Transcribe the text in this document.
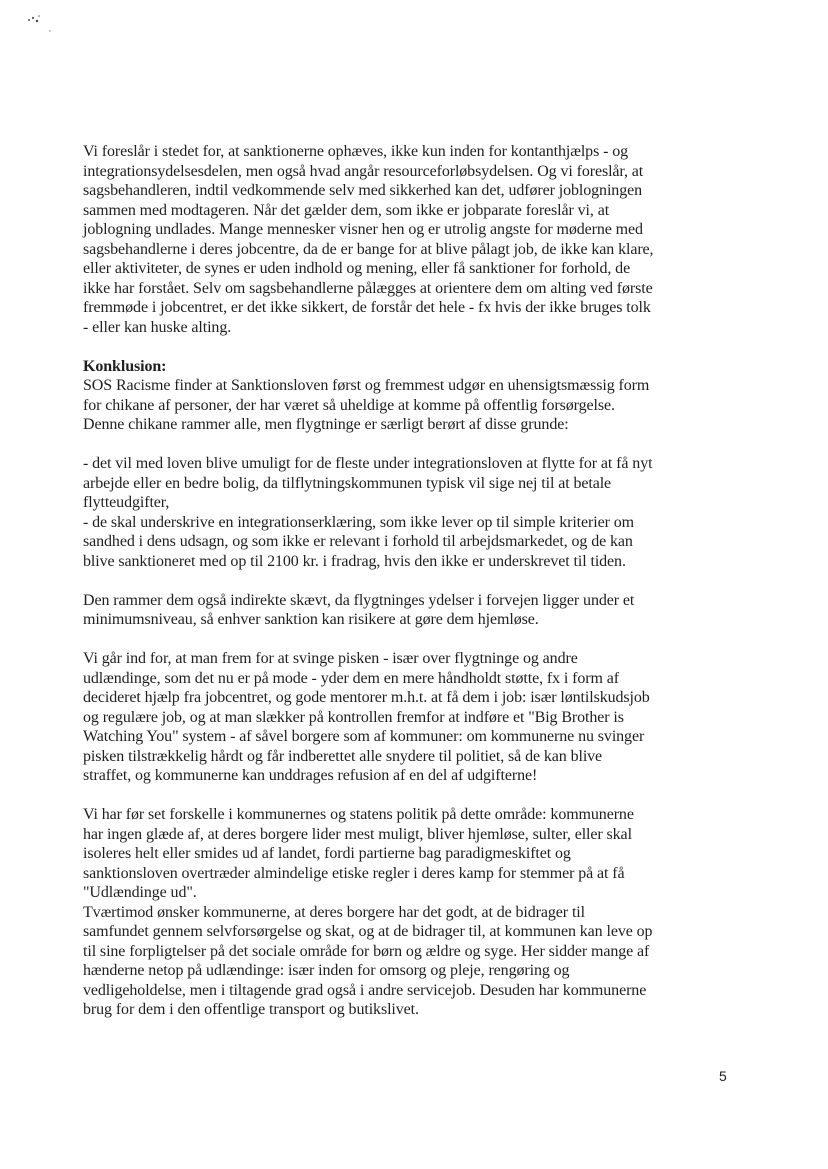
Vi foreslår i stedet for, at sanktionerne ophæves, ikke kun inden for kontanthjælps - og
integrationsydelsesdelen, men også hvad angår resourceforløbsydelsen. Og vi foreslår, at
sagsbehandleren, indtil vedkommende selv med sikkerhed kan det, udfører joblogningen
sammen med modtageren. Når det gælder dem, som ikke er jobparate foreslår vi, at
joblogning undlades. Mange mennesker visner hen og er utrolig angste for møderne med
sagsbehandlerne i deres jobcentre, da de er bange for at blive pålagt job, de ikke kan klare,
eller aktiviteter, de synes er uden indhold og mening, eller få sanktioner for forhold, de
ikke har forstået. Selv om sagsbehandlerne pålægges at orientere dem om alting ved første
fremmøde i jobcentret, er det ikke sikkert, de forstår det hele - fx hvis der ikke bruges tolk
- eller kan huske alting.
Konklusion:
SOS Racisme finder at Sanktionsloven først og fremmest udgør en uhensigtsmæssig form
for chikane af personer, der har været så uheldige at komme på offentlig forsørgelse.
Denne chikane rammer alle, men flygtninge er særligt berørt af disse grunde:
- det vil med loven blive umuligt for de fleste under integrationsloven at flytte for at få nyt
arbejde eller en bedre bolig, da tilflytningskommunen typisk vil sige nej til at betale
flytteudgifter,
- de skal underskrive en integrationserklæring, som ikke lever op til simple kriterier om
sandhed i dens udsagn, og som ikke er relevant i forhold til arbejdsmarkedet, og de kan
blive sanktioneret med op til 2100 kr. i fradrag, hvis den ikke er underskrevet til tiden.
Den rammer dem også indirekte skævt, da flygtninges ydelser i forvejen ligger under et
minimumsniveau, så enhver sanktion kan risikere at gøre dem hjemløse.
Vi går ind for, at man frem for at svinge pisken - især over flygtninge og andre
udlændinge, som det nu er på mode - yder dem en mere håndholdt støtte, fx i form af
decideret hjælp fra jobcentret, og gode mentorer m.h.t. at få dem i job: især løntilskudsjob
og regulære job, og at man slækker på kontrollen fremfor at indføre et "Big Brother is
Watching You" system - af såvel borgere som af kommuner: om kommunerne nu svinger
pisken tilstrækkelig hårdt og får indberettet alle snydere til politiet, så de kan blive
straffet, og kommunerne kan unddrages refusion af en del af udgifterne!
Vi har før set forskelle i kommunernes og statens politik på dette område: kommunerne
har ingen glæde af, at deres borgere lider mest muligt, bliver hjemløse, sulter, eller skal
isoleres helt eller smides ud af landet, fordi partierne bag paradigmeskiftet og
sanktionsloven overtræder almindelige etiske regler i deres kamp for stemmer på at få
"Udlændinge ud".
Tværtimod ønsker kommunerne, at deres borgere har det godt, at de bidrager til
samfundet gennem selvforsørgelse og skat, og at de bidrager til, at kommunen kan leve op
til sine forpligtelser på det sociale område for børn og ældre og syge. Her sidder mange af
hænderne netop på udlændinge: især inden for omsorg og pleje, rengøring og
vedligeholdelse, men i tiltagende grad også i andre servicejob. Desuden har kommunerne
brug for dem i den offentlige transport og butikslivet.
5
